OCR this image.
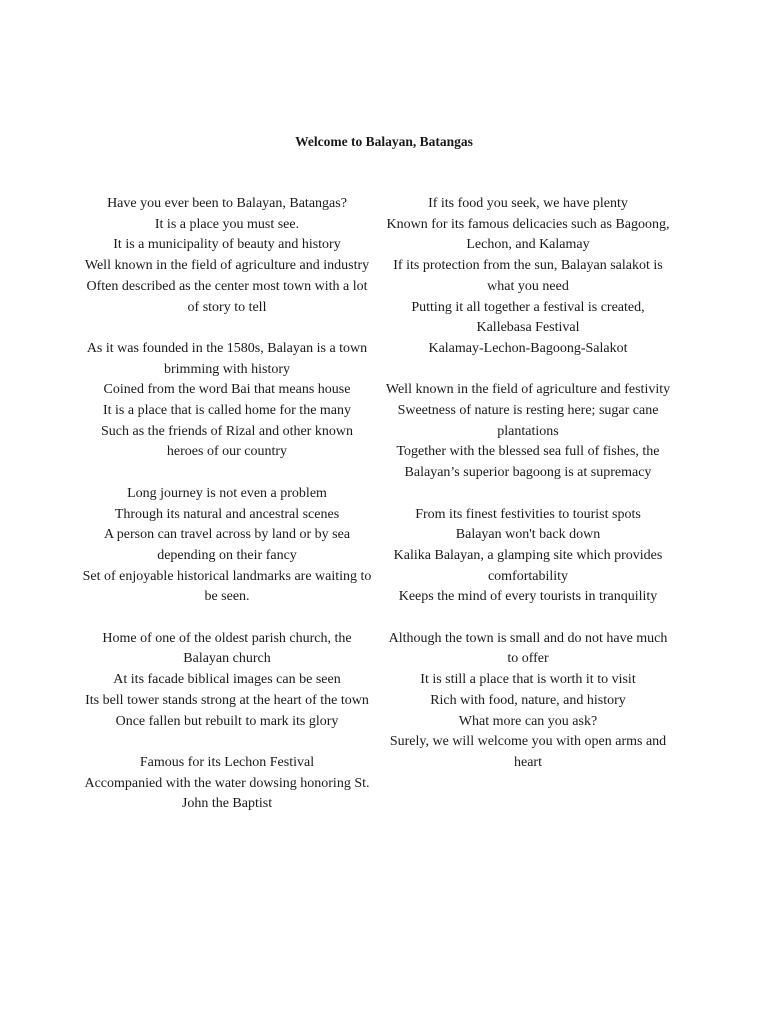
Welcome to Balayan, Batangas
Have you ever been to Balayan, Batangas?
It is a place you must see.
It is a municipality of beauty and history
Well known in the field of agriculture and industry
Often described as the center most town with a lot of story to tell
As it was founded in the 1580s, Balayan is a town brimming with history
Coined from the word Bai that means house
It is a place that is called home for the many
Such as the friends of Rizal and other known heroes of our country
Long journey is not even a problem
Through its natural and ancestral scenes
A person can travel across by land or by sea depending on their fancy
Set of enjoyable historical landmarks are waiting to be seen.
Home of one of the oldest parish church, the Balayan church
At its facade biblical images can be seen
Its bell tower stands strong at the heart of the town
Once fallen but rebuilt to mark its glory
Famous for its Lechon Festival
Accompanied with the water dowsing honoring St. John the Baptist
If its food you seek, we have plenty
Known for its famous delicacies such as Bagoong, Lechon, and Kalamay
If its protection from the sun, Balayan salakot is what you need
Putting it all together a festival is created, Kallebasa Festival
Kalamay-Lechon-Bagoong-Salakot
Well known in the field of agriculture and festivity
Sweetness of nature is resting here; sugar cane plantations
Together with the blessed sea full of fishes, the Balayan’s superior bagoong is at supremacy
From its finest festivities to tourist spots
Balayan won't back down
Kalika Balayan, a glamping site which provides comfortability
Keeps the mind of every tourists in tranquility
Although the town is small and do not have much to offer
It is still a place that is worth it to visit
Rich with food, nature, and history
What more can you ask?
Surely, we will welcome you with open arms and heart
